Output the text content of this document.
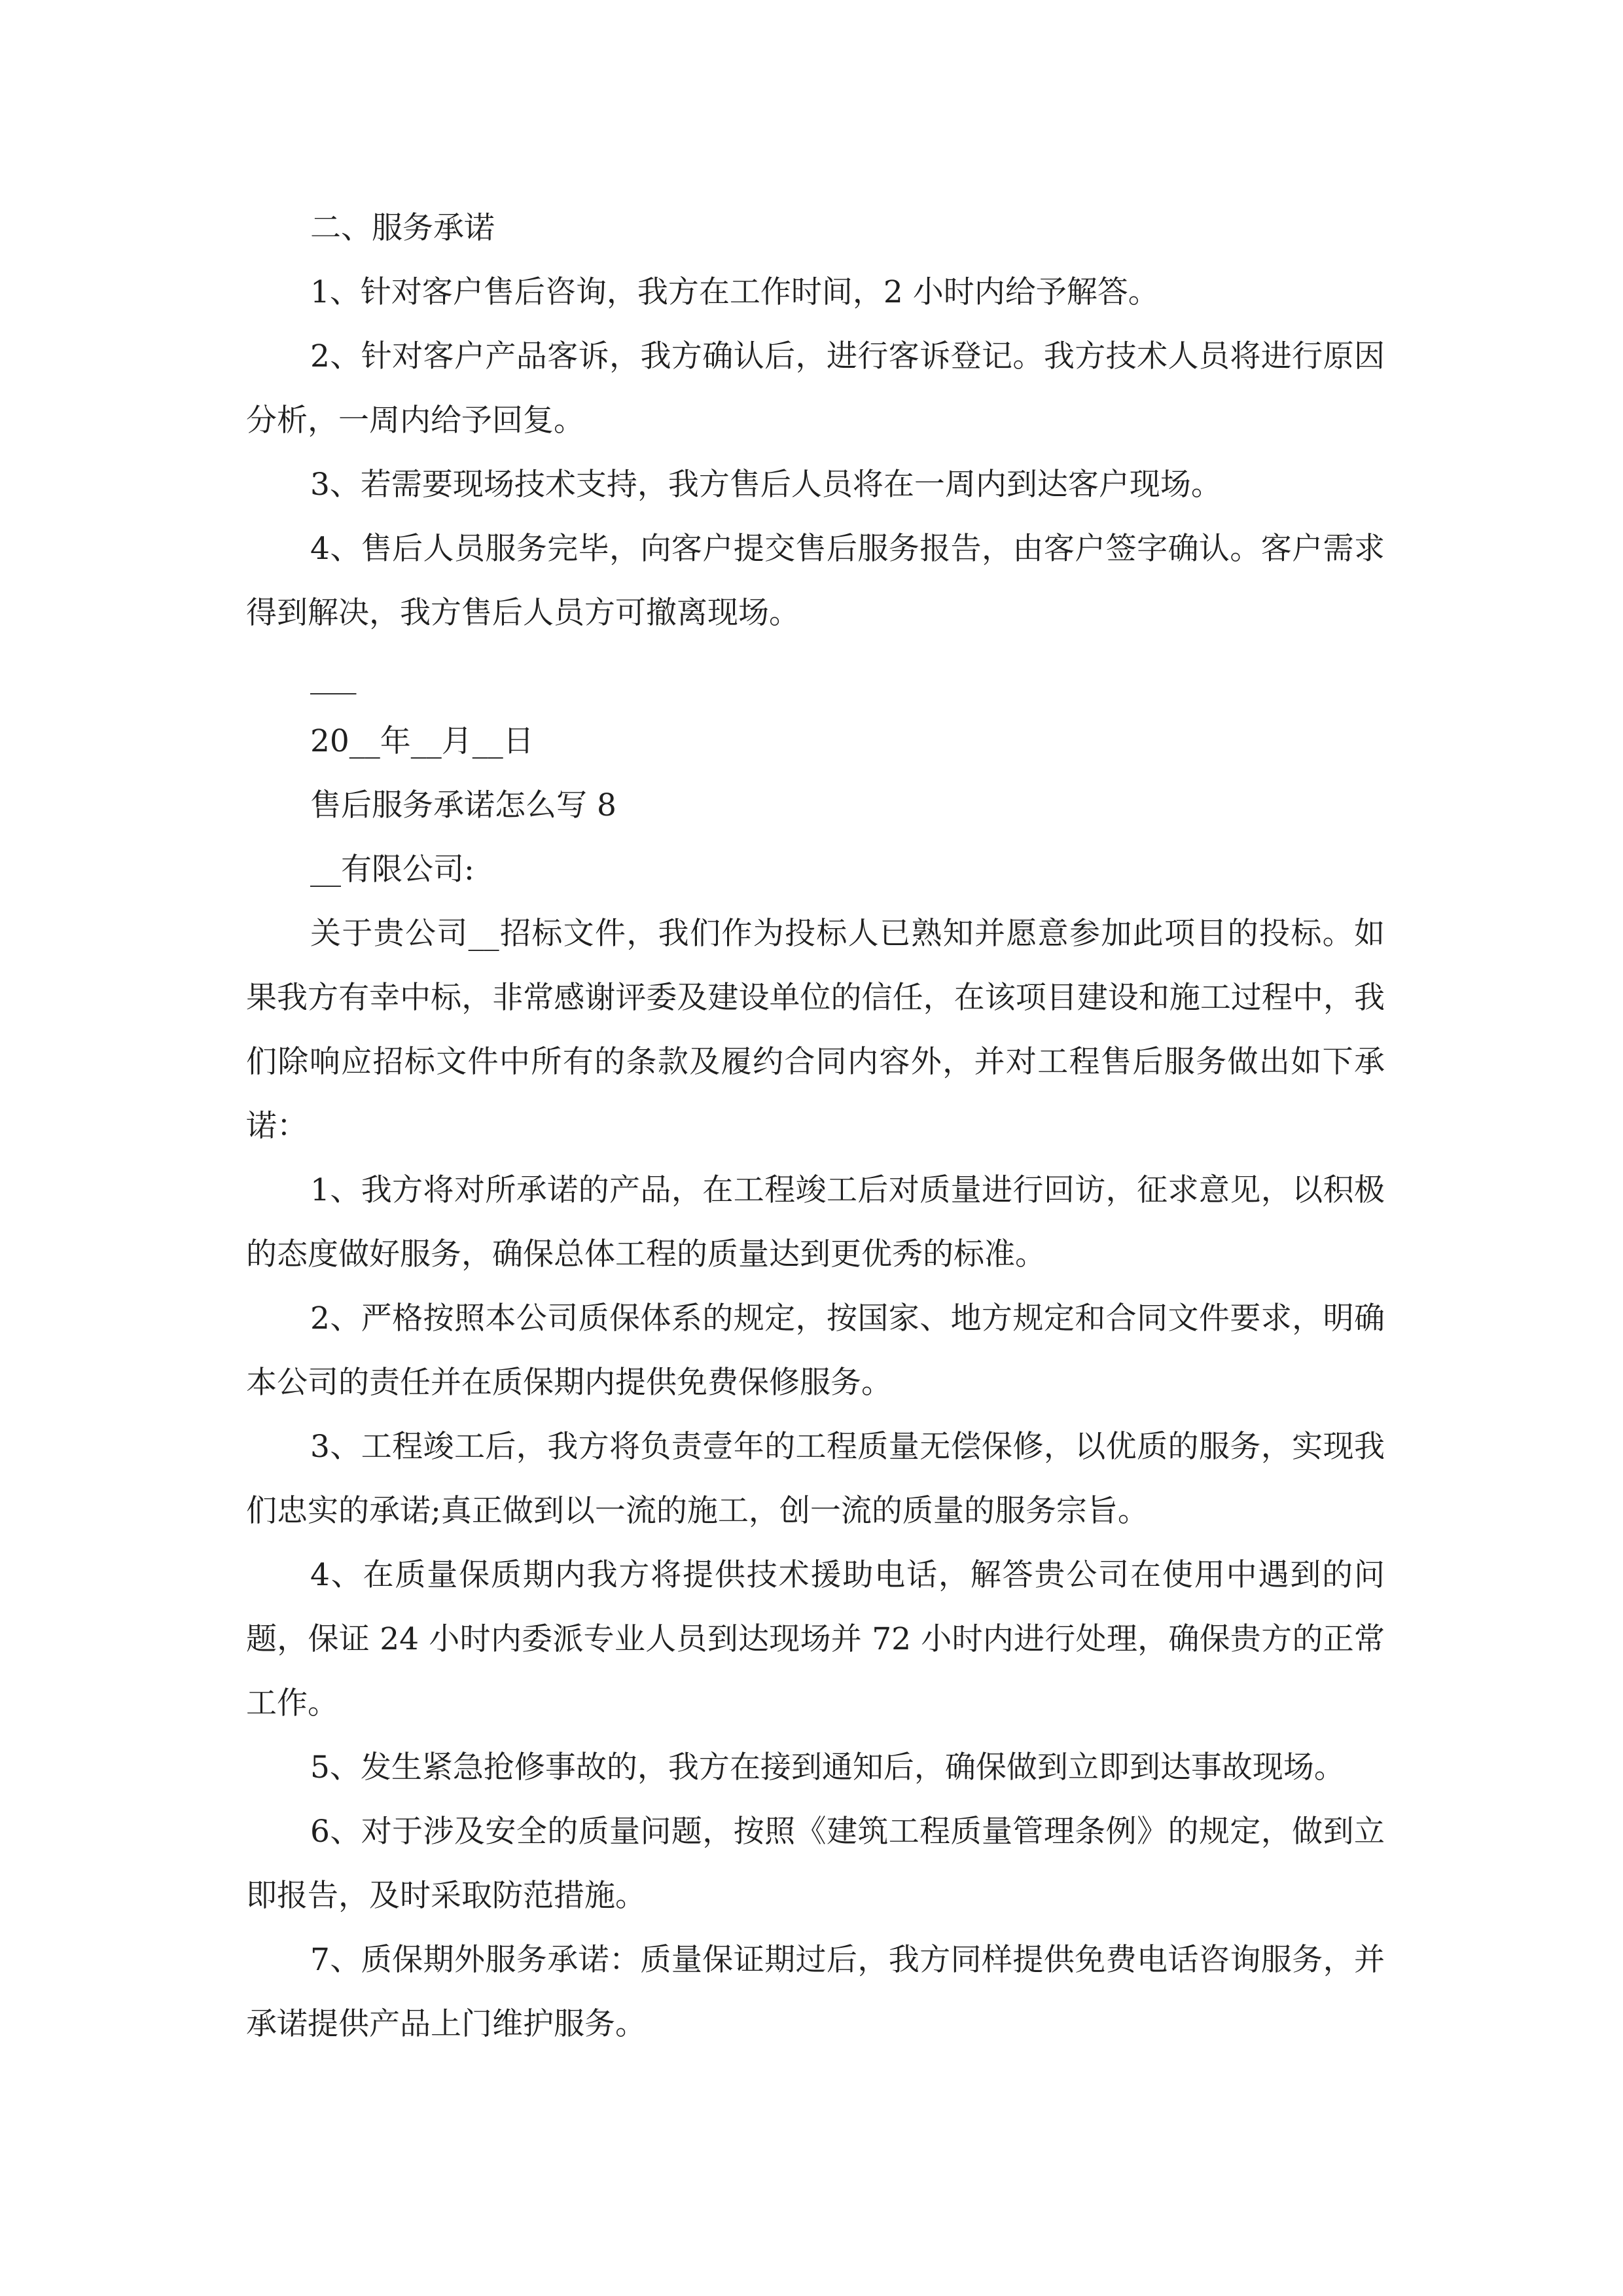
二、服务承诺

1、针对客户售后咨询，我方在工作时间，2 小时内给予解答。

2、针对客户产品客诉，我方确认后，进行客诉登记。我方技术人员将进行原因分析，一周内给予回复。

3、若需要现场技术支持，我方售后人员将在一周内到达客户现场。

4、售后人员服务完毕，向客户提交售后服务报告，由客户签字确认。客户需求得到解决，我方售后人员方可撤离现场。

___

20__年__月__日

售后服务承诺怎么写 8

__有限公司:

关于贵公司__招标文件，我们作为投标人已熟知并愿意参加此项目的投标。如果我方有幸中标，非常感谢评委及建设单位的信任，在该项目建设和施工过程中，我们除响应招标文件中所有的条款及履约合同内容外，并对工程售后服务做出如下承诺：

1、我方将对所承诺的产品，在工程竣工后对质量进行回访，征求意见，以积极的态度做好服务，确保总体工程的质量达到更优秀的标准。

2、严格按照本公司质保体系的规定，按国家、地方规定和合同文件要求，明确本公司的责任并在质保期内提供免费保修服务。

3、工程竣工后，我方将负责壹年的工程质量无偿保修，以优质的服务，实现我们忠实的承诺;真正做到以一流的施工，创一流的质量的服务宗旨。

4、在质量保质期内我方将提供技术援助电话，解答贵公司在使用中遇到的问题，保证 24 小时内委派专业人员到达现场并 72 小时内进行处理，确保贵方的正常工作。

5、发生紧急抢修事故的，我方在接到通知后，确保做到立即到达事故现场。

6、对于涉及安全的质量问题，按照《建筑工程质量管理条例》的规定，做到立即报告，及时采取防范措施。

7、质保期外服务承诺：质量保证期过后，我方同样提供免费电话咨询服务，并承诺提供产品上门维护服务。
